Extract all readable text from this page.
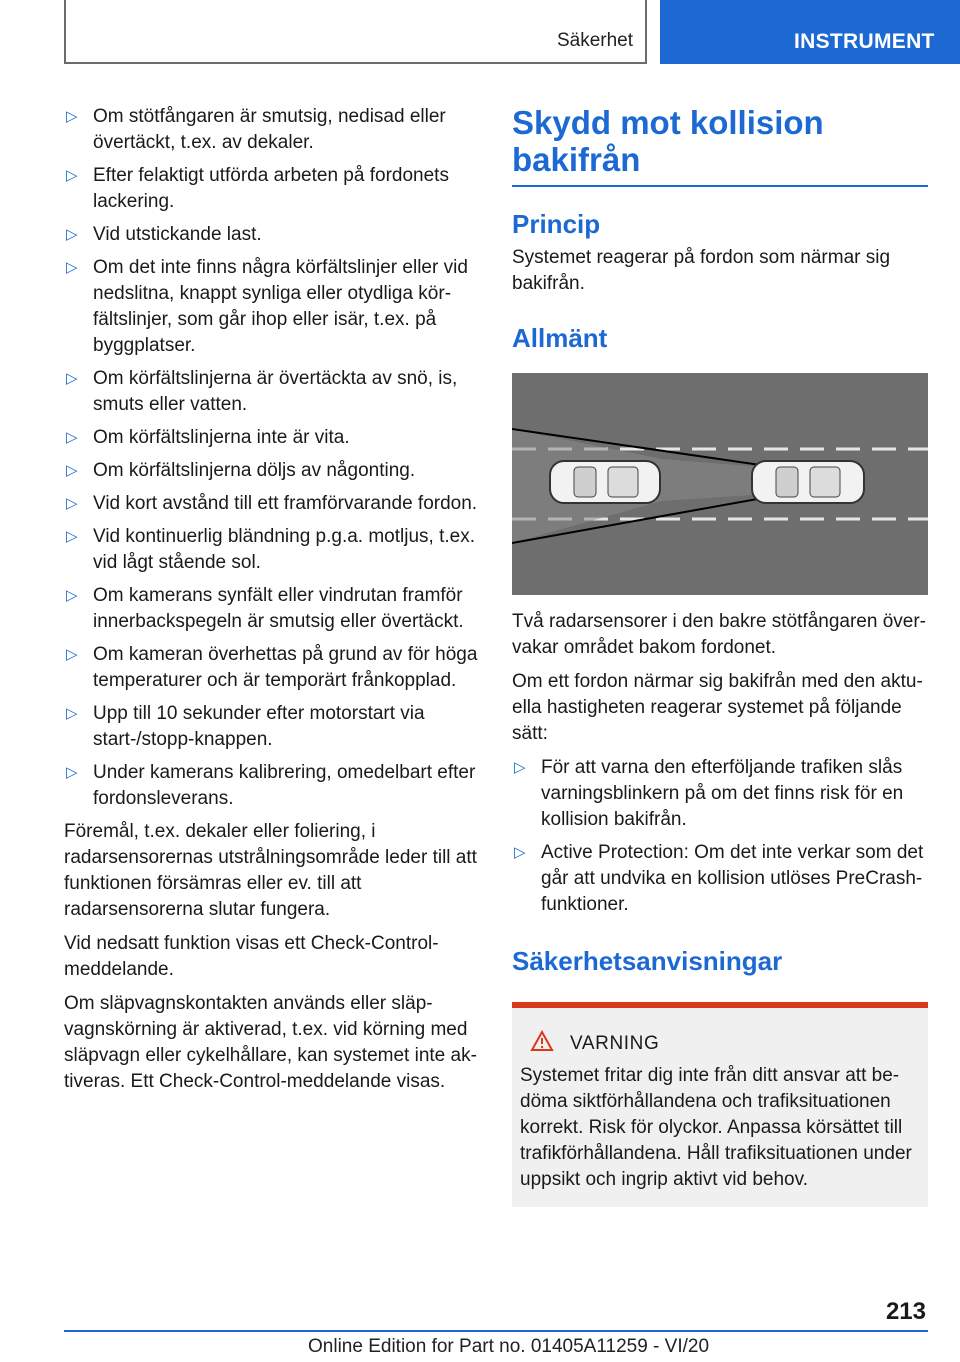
Säkerhet	INSTRUMENT
▷ Om stötfångaren är smutsig, nedisad eller övertäckt, t.ex. av dekaler.
▷ Efter felaktigt utförda arbeten på fordonets lackering.
▷ Vid utstickande last.
▷ Om det inte finns några körfältslinjer eller vid nedslitna, knappt synliga eller otydliga körfältslinjer, som går ihop eller isär, t.ex. på byggplatser.
▷ Om körfältslinjerna är övertäckta av snö, is, smuts eller vatten.
▷ Om körfältslinjerna inte är vita.
▷ Om körfältslinjerna döljs av någonting.
▷ Vid kort avstånd till ett framförvarande fordon.
▷ Vid kontinuerlig bländning p.g.a. motljus, t.ex. vid lågt stående sol.
▷ Om kamerans synfält eller vindrutan framför innerbackspegeln är smutsig eller övertäckt.
▷ Om kameran överhettas på grund av för höga temperaturer och är temporärt frånkopplad.
▷ Upp till 10 sekunder efter motorstart via start-/stopp-knappen.
▷ Under kamerans kalibrering, omedelbart efter fordonsleverans.

Föremål, t.ex. dekaler eller foliering, i radarsensorernas utstrålningsområde leder till att funktionen försämras eller ev. till att radarsensorerna slutar fungera.

Vid nedsatt funktion visas ett Check-Control-meddelande.

Om släpvagnskontakten används eller släpvagnskörning är aktiverad, t.ex. vid körning med släpvagn eller cykelhållare, kan systemet inte aktiveras. Ett Check-Control-meddelande visas.

Skydd mot kollision bakifrån
Princip

Systemet reagerar på fordon som närmar sig bakifrån.

Allmänt

Två radarsensorer i den bakre stötfångaren övervakar området bakom fordonet.

Om ett fordon närmar sig bakifrån med den aktuella hastigheten reagerar systemet på följande sätt:

▷ För att varna den efterföljande trafiken slås varningsblinkern på om det finns risk för en kollision bakifrån.
▷ Active Protection: Om det inte verkar som det går att undvika en kollision utlöses PreCrash-funktioner.
Säkerhetsanvisningar
VARNING
Systemet fritar dig inte från ditt ansvar att bedöma siktförhållandena och trafiksituationen korrekt. Risk för olyckor. Anpassa körsättet till trafikförhållandena. Håll trafiksituationen under uppsikt och ingrip aktivt vid behov.
213
Online Edition for Part no. 01405A11259 - VI/20
